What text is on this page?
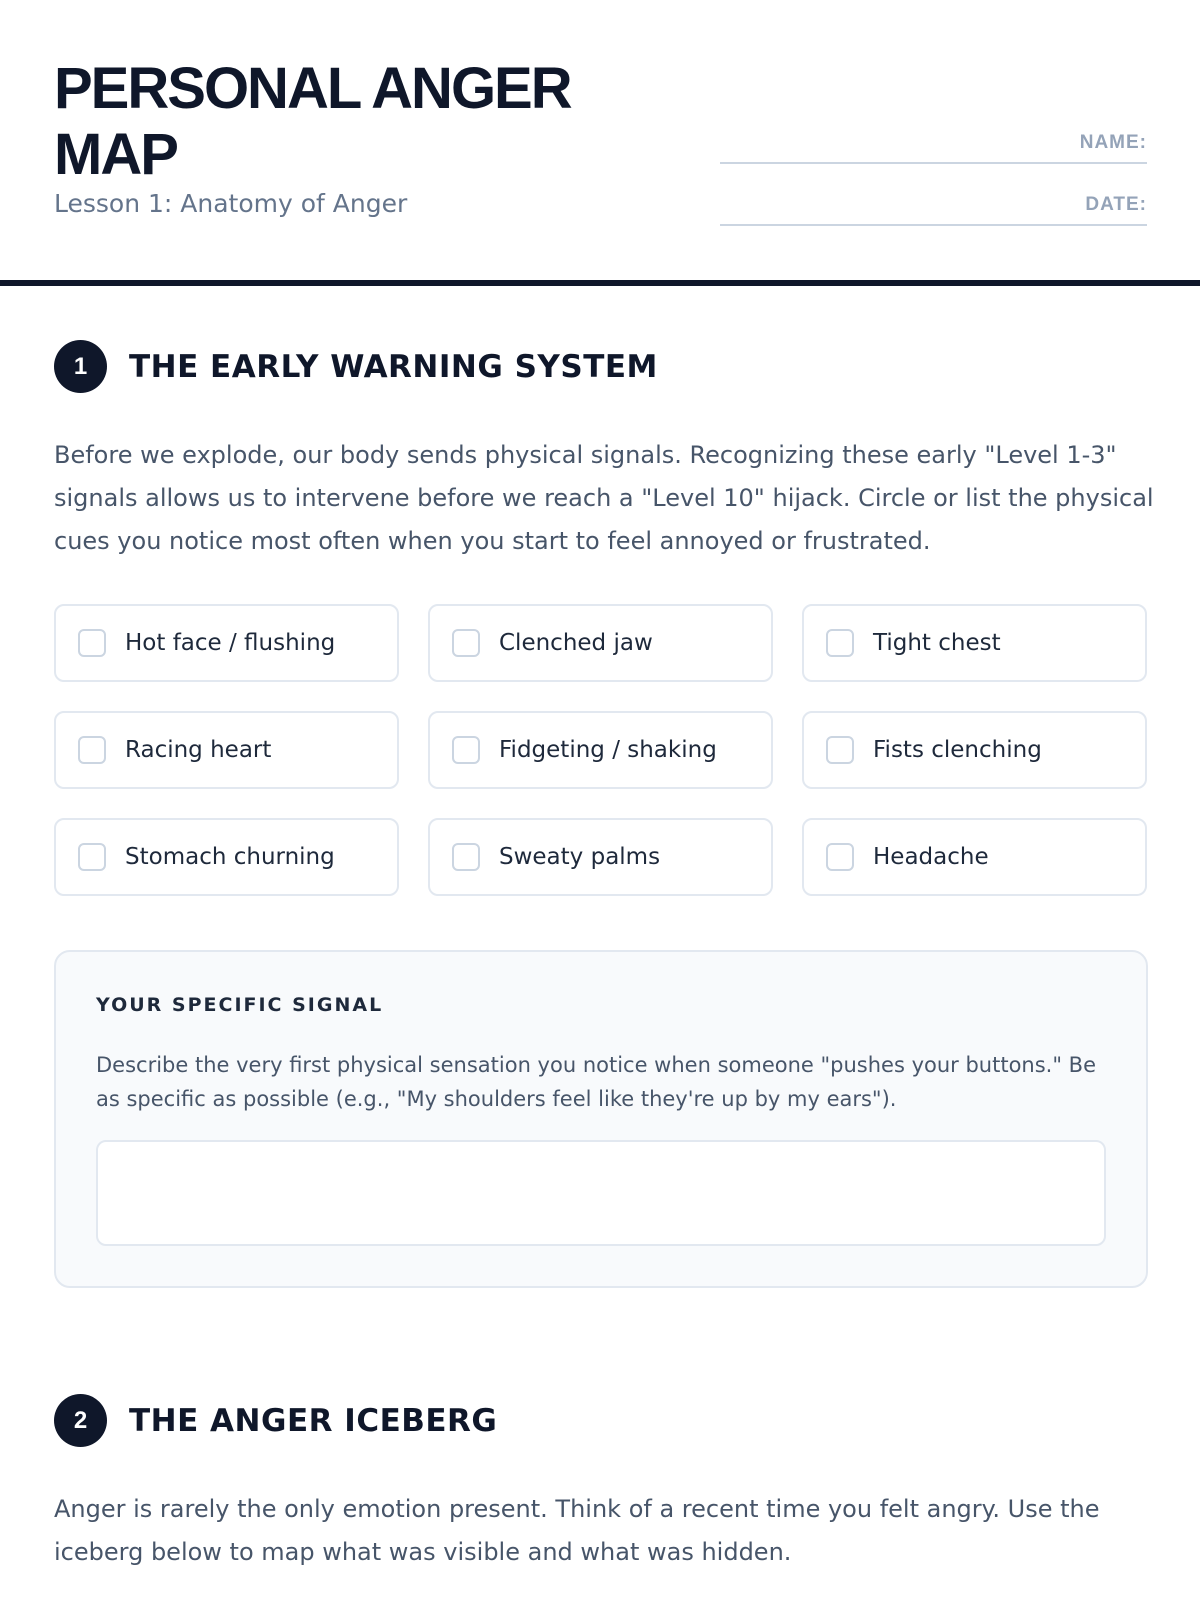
PERSONAL ANGER MAP
Lesson 1: Anatomy of Anger
NAME:
DATE:
1	THE EARLY WARNING SYSTEM

Before we explode, our body sends physical signals. Recognizing these early "Level 1-3" signals allows us to intervene before we reach a "Level 10" hijack. Circle or list the physical cues you notice most often when you start to feel annoyed or frustrated.

Hot face / flushing	Clenched jaw	Tight chest
Racing heart	Fidgeting / shaking	Fists clenching
Stomach churning	Sweaty palms	Headache
YOUR SPECIFIC SIGNAL

Describe the very first physical sensation you notice when someone "pushes your buttons." Be as specific as possible (e.g., "My shoulders feel like they're up by my ears").

2	THE ANGER ICEBERG

Anger is rarely the only emotion present. Think of a recent time you felt angry. Use the iceberg below to map what was visible and what was hidden.
